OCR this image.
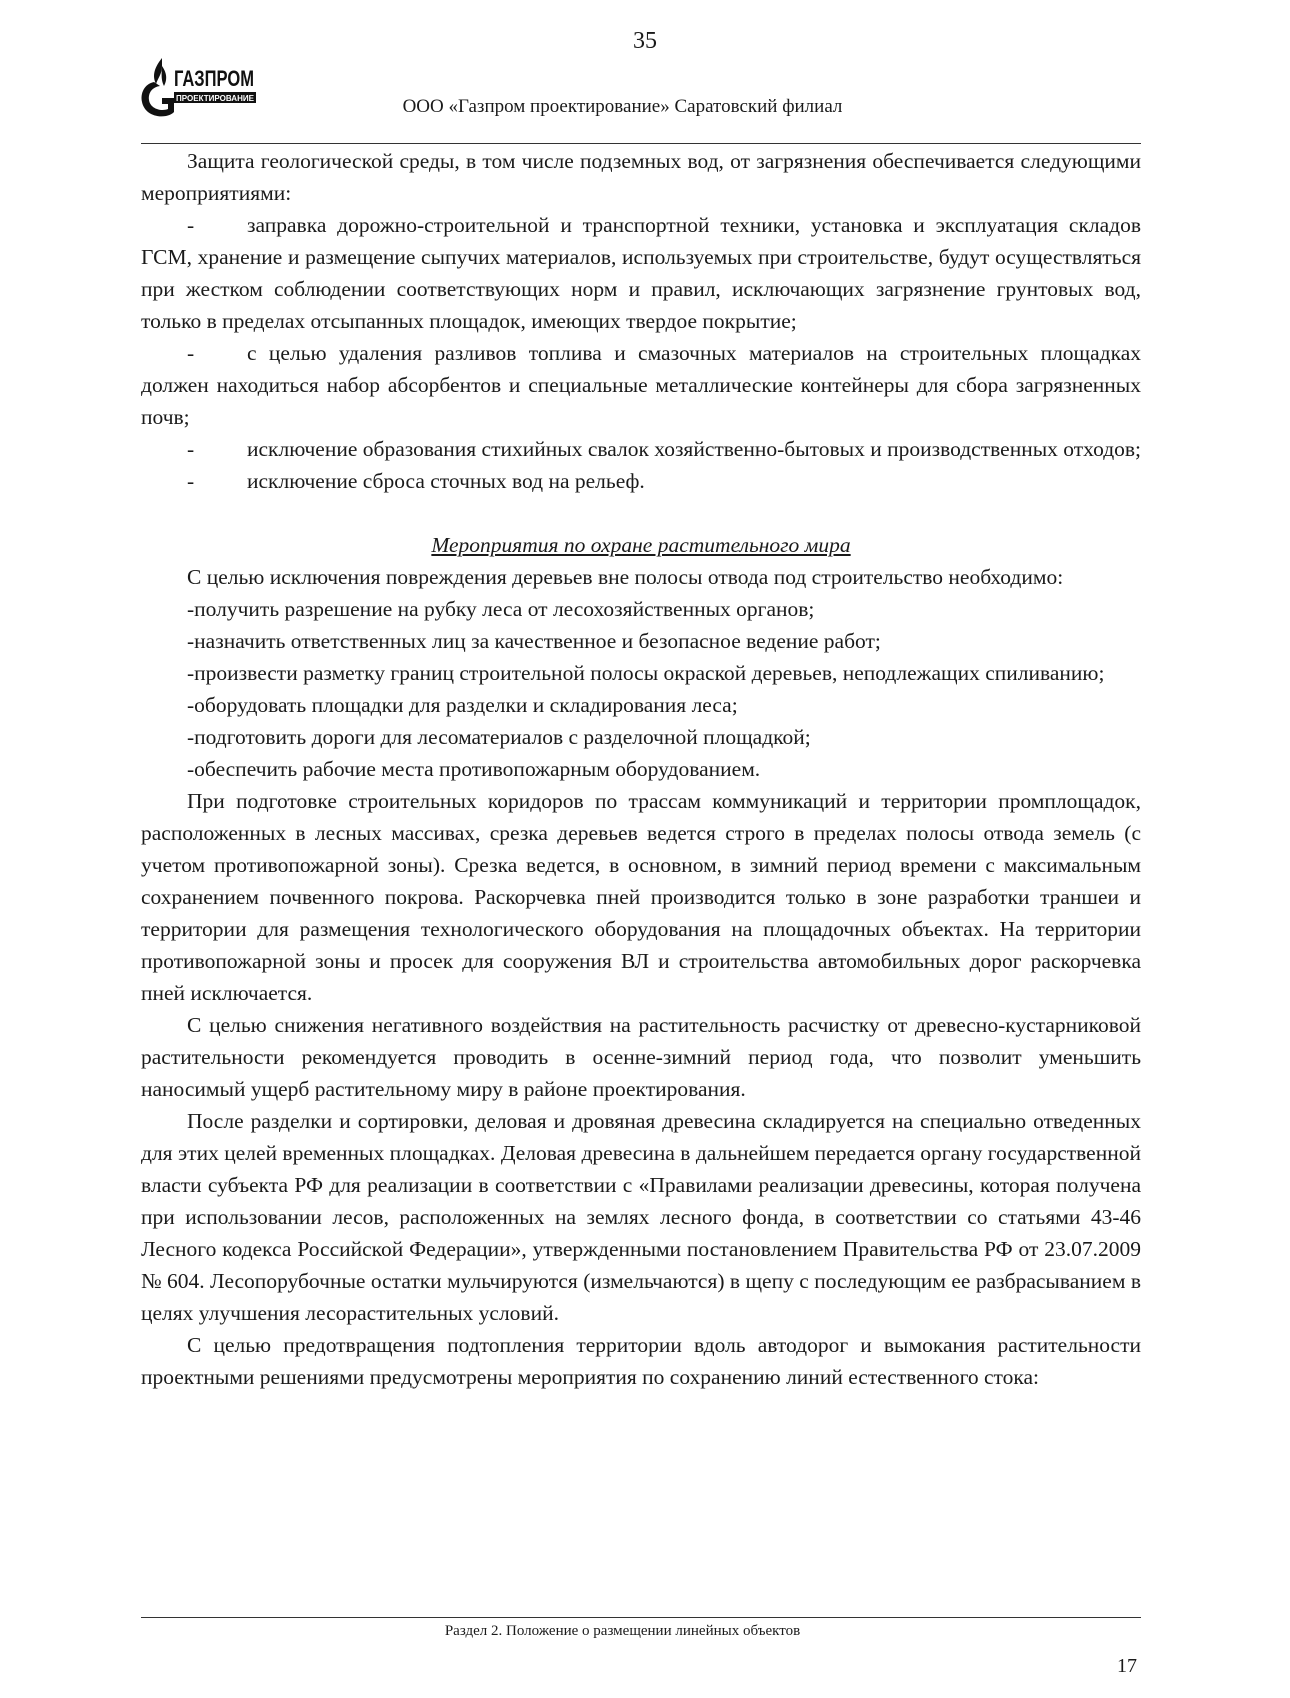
35
ГАЗПРОМ
ПРОЕКТИРОВАНИЕ	ООО «Газпром проектирование» Саратовский филиал

Защита геологической среды, в том числе подземных вод, от загрязнения обеспечивается следующими мероприятиями:

- заправка дорожно-строительной и транспортной техники, установка и эксплуатация складов ГСМ, хранение и размещение сыпучих материалов, используемых при строительстве, будут осуществляться при жестком соблюдении соответствующих норм и правил, исключающих загрязнение грунтовых вод, только в пределах отсыпанных площадок, имеющих твердое покрытие;

- с целью удаления разливов топлива и смазочных материалов на строительных площадках должен находиться набор абсорбентов и специальные металлические контейнеры для сбора загрязненных почв;

- исключение образования стихийных свалок хозяйственно-бытовых и производственных отходов;

- исключение сброса сточных вод на рельеф.

Мероприятия по охране растительного мира

С целью исключения повреждения деревьев вне полосы отвода под строительство необходимо:

-получить разрешение на рубку леса от лесохозяйственных органов;

-назначить ответственных лиц за качественное и безопасное ведение работ;

-произвести разметку границ строительной полосы окраской деревьев, неподлежащих спиливанию;

-оборудовать площадки для разделки и складирования леса;

-подготовить дороги для лесоматериалов с разделочной площадкой;

-обеспечить рабочие места противопожарным оборудованием.

При подготовке строительных коридоров по трассам коммуникаций и территории промплощадок, расположенных в лесных массивах, срезка деревьев ведется строго в пределах полосы отвода земель (с учетом противопожарной зоны). Срезка ведется, в основном, в зимний период времени с максимальным сохранением почвенного покрова. Раскорчевка пней производится только в зоне разработки траншеи и территории для размещения технологического оборудования на площадочных объектах. На территории противопожарной зоны и просек для сооружения ВЛ и строительства автомобильных дорог раскорчевка пней исключается.

С целью снижения негативного воздействия на растительность расчистку от древесно-кустарниковой растительности рекомендуется проводить в осенне-зимний период года, что позволит уменьшить наносимый ущерб растительному миру в районе проектирования.

После разделки и сортировки, деловая и дровяная древесина складируется на специально отведенных для этих целей временных площадках. Деловая древесина в дальнейшем передается органу государственной власти субъекта РФ для реализации в соответствии с «Правилами реализации древесины, которая получена при использовании лесов, расположенных на землях лесного фонда, в соответствии со статьями 43-46 Лесного кодекса Российской Федерации», утвержденными постановлением Правительства РФ от 23.07.2009 № 604. Лесопорубочные остатки мульчируются (измельчаются) в щепу с последующим ее разбрасыванием в целях улучшения лесорастительных условий.

С целью предотвращения подтопления территории вдоль автодорог и вымокания растительности проектными решениями предусмотрены мероприятия по сохранению линий естественного стока:

Раздел 2. Положение о размещении линейных объектов
17
